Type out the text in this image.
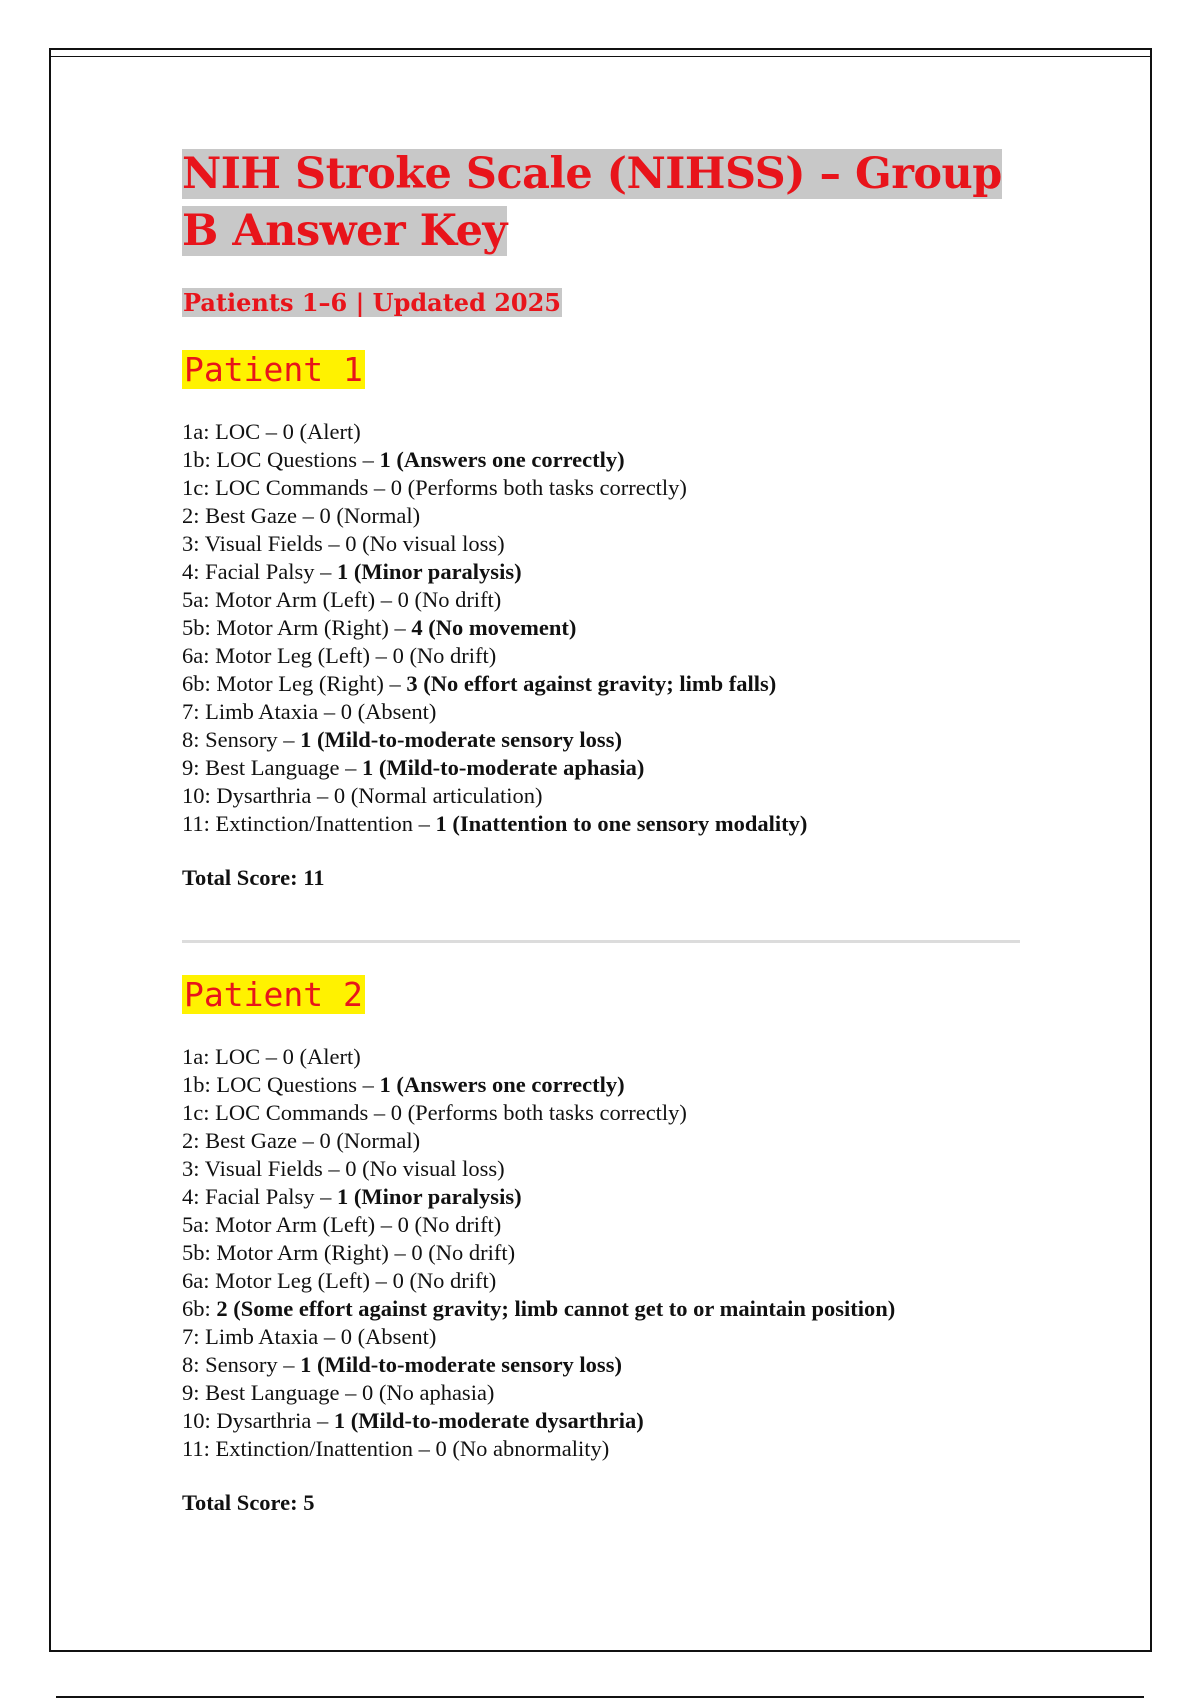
NIH Stroke Scale (NIHSS) – Group B Answer Key
Patients 1–6 | Updated 2025
Patient 1
1a: LOC – 0 (Alert)
1b: LOC Questions – 1 (Answers one correctly)
1c: LOC Commands – 0 (Performs both tasks correctly)
2: Best Gaze – 0 (Normal)
3: Visual Fields – 0 (No visual loss)
4: Facial Palsy – 1 (Minor paralysis)
5a: Motor Arm (Left) – 0 (No drift)
5b: Motor Arm (Right) – 4 (No movement)
6a: Motor Leg (Left) – 0 (No drift)
6b: Motor Leg (Right) – 3 (No effort against gravity; limb falls)
7: Limb Ataxia – 0 (Absent)
8: Sensory – 1 (Mild-to-moderate sensory loss)
9: Best Language – 1 (Mild-to-moderate aphasia)
10: Dysarthria – 0 (Normal articulation)
11: Extinction/Inattention – 1 (Inattention to one sensory modality)

Total Score: 11

Patient 2
1a: LOC – 0 (Alert)
1b: LOC Questions – 1 (Answers one correctly)
1c: LOC Commands – 0 (Performs both tasks correctly)
2: Best Gaze – 0 (Normal)
3: Visual Fields – 0 (No visual loss)
4: Facial Palsy – 1 (Minor paralysis)
5a: Motor Arm (Left) – 0 (No drift)
5b: Motor Arm (Right) – 0 (No drift)
6a: Motor Leg (Left) – 0 (No drift)
6b: 2 (Some effort against gravity; limb cannot get to or maintain position)
7: Limb Ataxia – 0 (Absent)
8: Sensory – 1 (Mild-to-moderate sensory loss)
9: Best Language – 0 (No aphasia)
10: Dysarthria – 1 (Mild-to-moderate dysarthria)
11: Extinction/Inattention – 0 (No abnormality)

Total Score: 5
